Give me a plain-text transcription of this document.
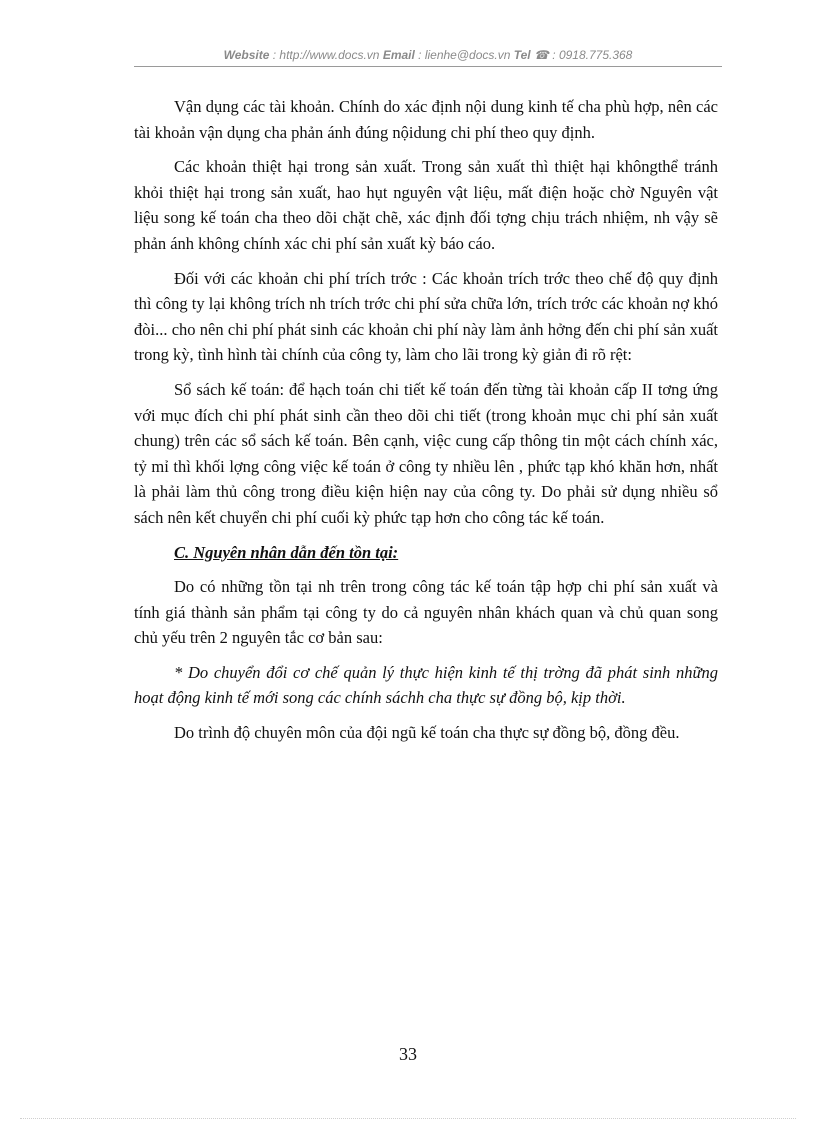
Website : http://www.docs.vn Email : lienhe@docs.vn Tel ☎ : 0918.775.368

Vận dụng các tài khoản. Chính do xác định nội dung kinh tế cha phù hợp, nên các tài khoản vận dụng cha phản ánh đúng nộidung chi phí theo quy định.

Các khoản thiệt hại trong sản xuất. Trong sản xuất thì thiệt hại khôngthể tránh khỏi thiệt hại trong sản xuất, hao hụt nguyên vật liệu, mất điện hoặc chờ Nguyên vật liệu song kế toán cha theo dõi chặt chẽ, xác định đối tợng chịu trách nhiệm, nh vậy sẽ phản ánh không chính xác chi phí sản xuất kỳ báo cáo.

Đối với các khoản chi phí trích trớc : Các khoản trích trớc theo chế độ quy định thì công ty lại không trích nh trích trớc chi phí sửa chữa lớn, trích trớc các khoản nợ khó đòi... cho nên chi phí phát sinh các khoản chi phí này làm ảnh hởng đến chi phí sản xuất trong kỳ, tình hình tài chính của công ty, làm cho lãi trong kỳ giản đi rõ rệt:

Sổ sách kế toán: để hạch toán chi tiết kế toán đến từng tài khoản cấp II tơng ứng với mục đích chi phí phát sinh cần theo dõi chi tiết (trong khoản mục chi phí sản xuất chung) trên các sổ sách kế toán. Bên cạnh, việc cung cấp thông tin một cách chính xác, tỷ mỉ thì khối lợng công việc kế toán ở công ty nhiều lên , phức tạp khó khăn hơn, nhất là phải làm thủ công trong điều kiện hiện nay của công ty. Do phải sử dụng nhiều sổ sách nên kết chuyển chi phí cuối kỳ phức tạp hơn cho công tác kế toán.

C. Nguyên nhân dẫn đến tồn tại:

Do có những tồn tại nh trên trong công tác kế toán tập hợp chi phí sản xuất và tính giá thành sản phẩm tại công ty do cả nguyên nhân khách quan và chủ quan song chủ yếu trên 2 nguyên tắc cơ bản sau:

* Do chuyển đổi cơ chế quản lý thực hiện kinh tế thị trờng đã phát sinh những hoạt động kinh tế mới song các chính sáchh cha thực sự đồng bộ, kịp thời.

Do trình độ chuyên môn của đội ngũ kế toán cha thực sự đồng bộ, đồng đều.

33
